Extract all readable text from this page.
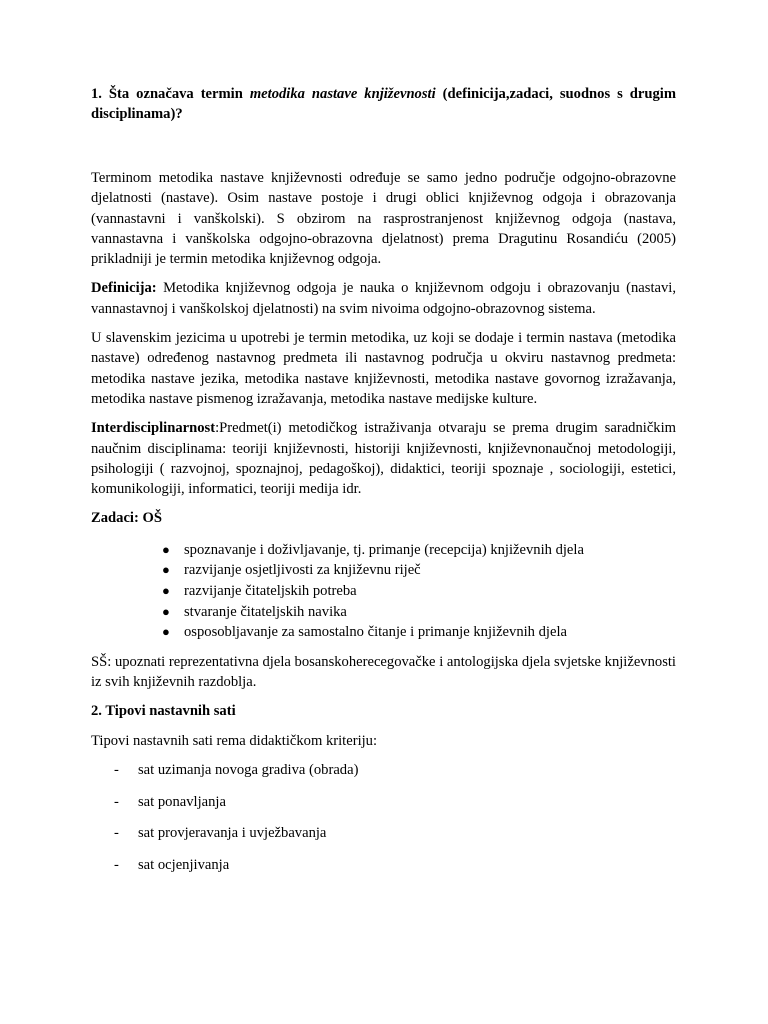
1. Šta označava termin metodika nastave književnosti (definicija,zadaci, suodnos s drugim disciplinama)?

Terminom metodika nastave književnosti određuje se samo jedno područje odgojno-obrazovne djelatnosti (nastave). Osim nastave postoje i drugi oblici književnog odgoja i obrazovanja (vannastavni i vanškolski). S obzirom na rasprostranjenost književnog odgoja (nastava, vannastavna i vanškolska odgojno-obrazovna djelatnost) prema Dragutinu Rosandiću (2005) prikladniji je termin metodika književnog odgoja.

Definicija: Metodika književnog odgoja je nauka o književnom odgoju i obrazovanju (nastavi, vannastavnoj i vanškolskoj djelatnosti) na svim nivoima odgojno-obrazovnog sistema.

U slavenskim jezicima u upotrebi je termin metodika, uz koji se dodaje i termin nastava (metodika nastave) određenog nastavnog predmeta ili nastavnog područja u okviru nastavnog predmeta: metodika nastave jezika, metodika nastave književnosti, metodika nastave govornog izražavanja, metodika nastave pismenog izražavanja, metodika nastave medijske kulture.

Interdisciplinarnost:Predmet(i) metodičkog istraživanja otvaraju se prema drugim saradničkim naučnim disciplinama: teoriji književnosti, historiji književnosti, književnonaučnoj metodologiji, psihologiji ( razvojnoj, spoznajnoj, pedagoškoj), didaktici, teoriji spoznaje , sociologiji, estetici, komunikologiji, informatici, teoriji medija idr.

Zadaci: OŠ

● spoznavanje i doživljavanje, tj. primanje (recepcija) književnih djela
● razvijanje osjetljivosti za književnu riječ
● razvijanje čitateljskih potreba
● stvaranje čitateljskih navika
● osposobljavanje za samostalno čitanje i primanje književnih djela

SŠ: upoznati reprezentativna djela bosanskoherecegovačke i antologijska djela svjetske književnosti iz svih književnih razdoblja.

2. Tipovi nastavnih sati

Tipovi nastavnih sati rema didaktičkom kriteriju:

- sat uzimanja novoga gradiva (obrada)
- sat ponavljanja
- sat provjeravanja i uvježbavanja
- sat ocjenjivanja
